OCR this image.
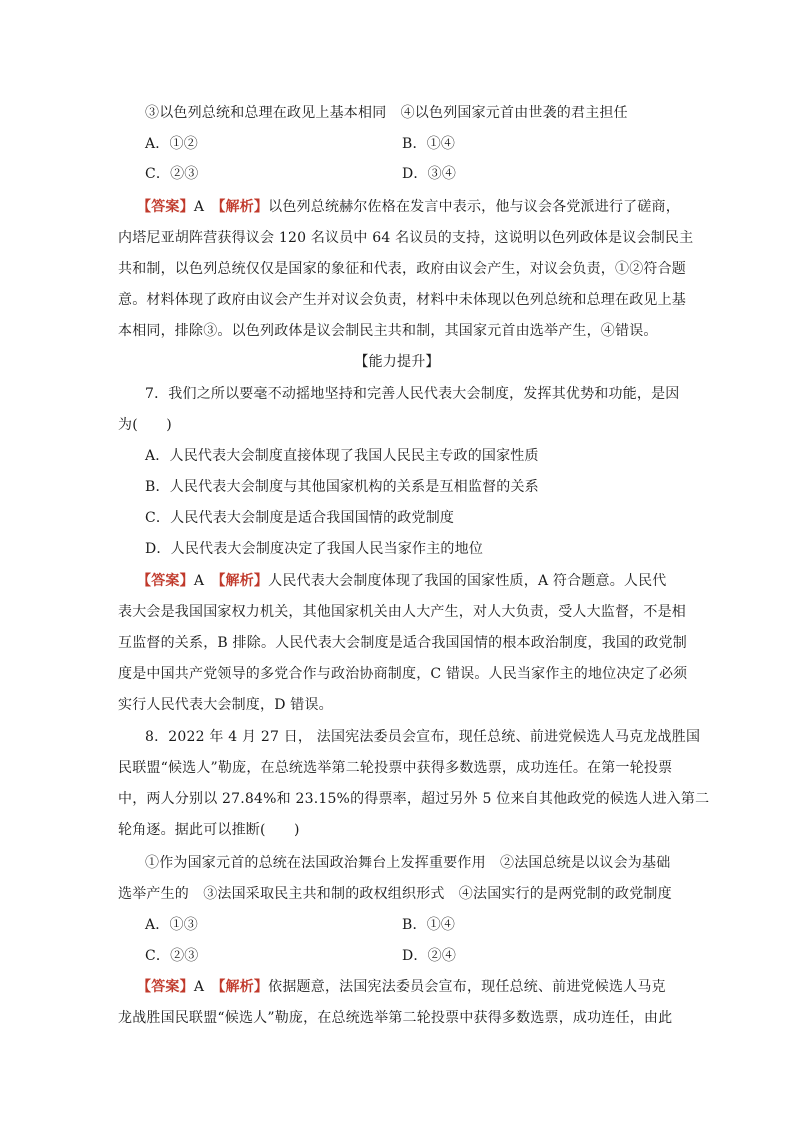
③以色列总统和总理在政见上基本相同　④以色列国家元首由世袭的君主担任
A．①②	B．①④
C．②③	D．③④
【答案】A　 【解析】以色列总统赫尔佐格在发言中表示，他与议会各党派进行了磋商，
内塔尼亚胡阵营获得议会 120 名议员中 64 名议员的支持，这说明以色列政体是议会制民主
共和制，以色列总统仅仅是国家的象征和代表，政府由议会产生，对议会负责，①②符合题
意。材料体现了政府由议会产生并对议会负责，材料中未体现以色列总统和总理在政见上基
本相同，排除③。以色列政体是议会制民主共和制，其国家元首由选举产生，④错误。
【能力提升】
7．我们之所以要毫不动摇地坚持和完善人民代表大会制度，发挥其优势和功能，是因
为(　　)
A．人民代表大会制度直接体现了我国人民民主专政的国家性质
B．人民代表大会制度与其他国家机构的关系是互相监督的关系
C．人民代表大会制度是适合我国国情的政党制度
D．人民代表大会制度决定了我国人民当家作主的地位
【答案】A　 【解析】人民代表大会制度体现了我国的国家性质，A 符合题意。人民代
表大会是我国国家权力机关，其他国家机关由人大产生，对人大负责，受人大监督，不是相
互监督的关系，B 排除。人民代表大会制度是适合我国国情的根本政治制度，我国的政党制
度是中国共产党领导的多党合作与政治协商制度，C 错误。人民当家作主的地位决定了必须
实行人民代表大会制度，D 错误。
8．2022 年 4 月 27 日， 法国宪法委员会宣布，现任总统、前进党候选人马克龙战胜国
民联盟“候选人”勒庞，在总统选举第二轮投票中获得多数选票，成功连任。在第一轮投票
中，两人分别以 27.84%和 23.15%的得票率，超过另外 5 位来自其他政党的候选人进入第二
轮角逐。据此可以推断(　　)
①作为国家元首的总统在法国政治舞台上发挥重要作用　②法国总统是以议会为基础
选举产生的　③法国采取民主共和制的政权组织形式　④法国实行的是两党制的政党制度
A．①③	B．①④
C．②③	D．②④
【答案】A　 【解析】依据题意，法国宪法委员会宣布，现任总统、前进党候选人马克
龙战胜国民联盟“候选人”勒庞，在总统选举第二轮投票中获得多数选票，成功连任，由此
